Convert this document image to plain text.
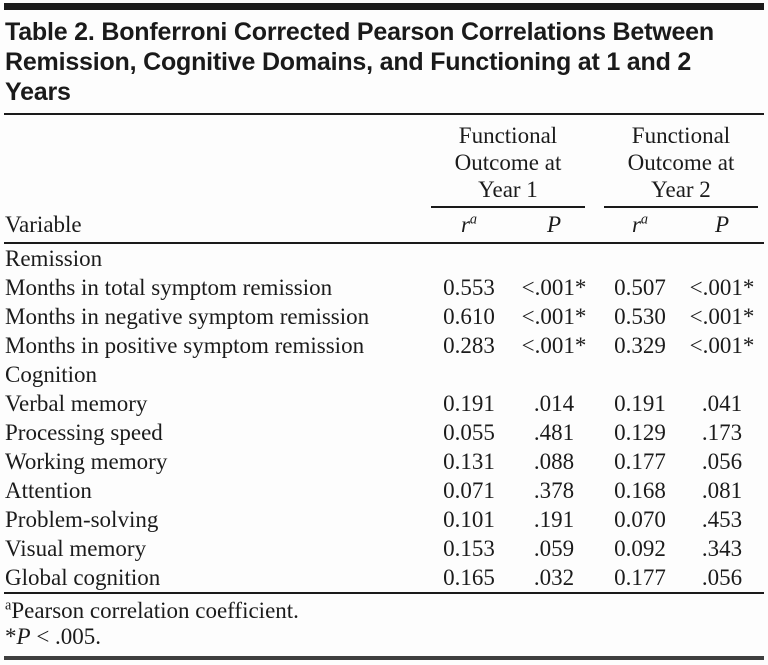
Table 2. Bonferroni Corrected Pearson Correlations Between
Remission, Cognitive Domains, and Functioning at 1 and 2
Years
Variable	Functional
Outcome at
Year 1		Functional
Outcome at
Year 2	

	$r^a$	P	$r^a$	P
Remission				
Months in total symptom remission	0.553	<.001*	0.507	<.001*
Months in negative symptom remission	0.610	<.001*	0.530	<.001*
Months in positive symptom remission	0.283	<.001*	0.329	<.001*
Cognition				
Verbal memory	0.191	.014	0.191	.041
Processing speed	0.055	.481	0.129	.173
Working memory	0.131	.088	0.177	.056
Attention	0.071	.378	0.168	.081
Problem-solving	0.101	.191	0.070	.453
Visual memory	0.153	.059	0.092	.343
Global cognition	0.165	.032	0.177	.056
$^a$Pearson correlation coefficient.
*P < .005.
